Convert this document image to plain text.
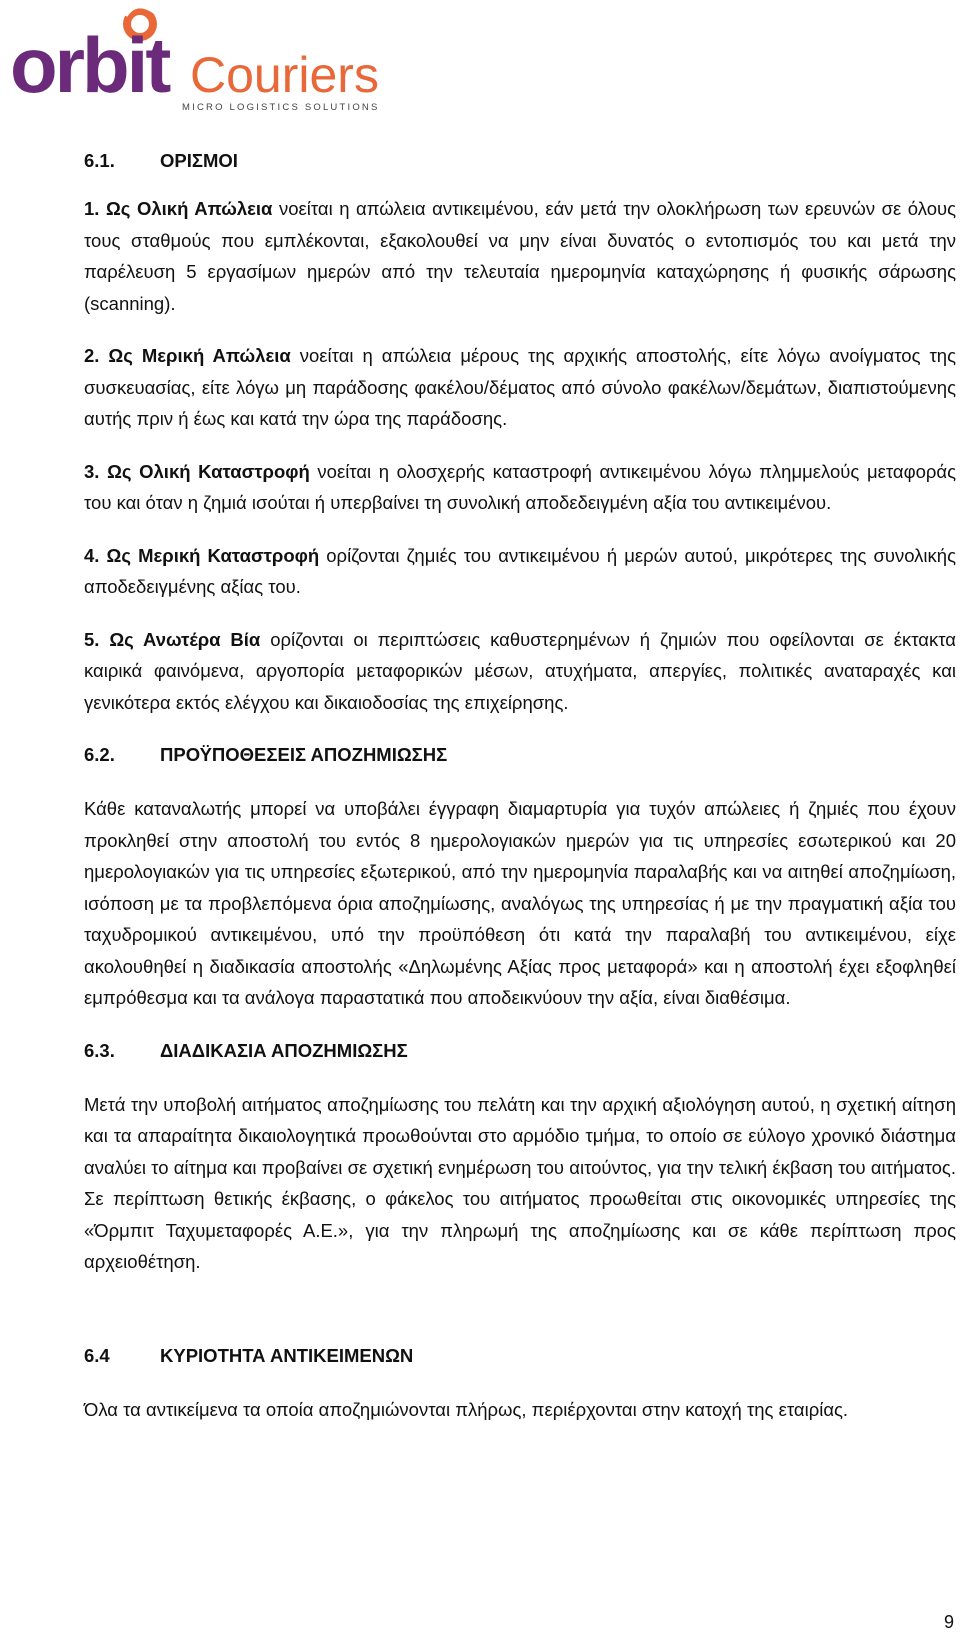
orbit Couriers
MICRO LOGISTICS SOLUTIONS
6.1.	ΟΡΙΣΜΟΙ

1. Ως Ολική Απώλεια νοείται η απώλεια αντικειμένου, εάν μετά την ολοκλήρωση των ερευνών σε όλους τους σταθμούς που εμπλέκονται, εξακολουθεί να μην είναι δυνατός ο εντοπισμός του και μετά την παρέλευση 5 εργασίμων ημερών από την τελευταία ημερομηνία καταχώρησης ή φυσικής σάρωσης (scanning).

2. Ως Μερική Απώλεια νοείται η απώλεια μέρους της αρχικής αποστολής, είτε λόγω ανοίγματος της συσκευασίας, είτε λόγω μη παράδοσης φακέλου/δέματος από σύνολο φακέλων/δεμάτων, διαπιστούμενης αυτής πριν ή έως και κατά την ώρα της παράδοσης.

3. Ως Ολική Καταστροφή νοείται η ολοσχερής καταστροφή αντικειμένου λόγω πλημμελούς μεταφοράς του και όταν η ζημιά ισούται ή υπερβαίνει τη συνολική αποδεδειγμένη αξία του αντικειμένου.

4. Ως Μερική Καταστροφή ορίζονται ζημιές του αντικειμένου ή μερών αυτού, μικρότερες της συνολικής αποδεδειγμένης αξίας του.

5. Ως Ανωτέρα Βία ορίζονται οι περιπτώσεις καθυστερημένων ή ζημιών που οφείλονται σε έκτακτα καιρικά φαινόμενα, αργοπορία μεταφορικών μέσων, ατυχήματα, απεργίες, πολιτικές αναταραχές και γενικότερα εκτός ελέγχου και δικαιοδοσίας της επιχείρησης.

6.2.	ΠΡΟΫΠΟΘΕΣΕΙΣ ΑΠΟΖΗΜΙΩΣΗΣ

Κάθε καταναλωτής μπορεί να υποβάλει έγγραφη διαμαρτυρία για τυχόν απώλειες ή ζημιές που έχουν προκληθεί στην αποστολή του εντός 8 ημερολογιακών ημερών για τις υπηρεσίες εσωτερικού και 20 ημερολογιακών για τις υπηρεσίες εξωτερικού, από την ημερομηνία παραλαβής και να αιτηθεί αποζημίωση, ισόποση με τα προβλεπόμενα όρια αποζημίωσης, αναλόγως της υπηρεσίας ή με την πραγματική αξία του ταχυδρομικού αντικειμένου, υπό την προϋπόθεση ότι κατά την παραλαβή του αντικειμένου, είχε ακολουθηθεί η διαδικασία αποστολής «Δηλωμένης Αξίας προς μεταφορά» και η αποστολή έχει εξοφληθεί εμπρόθεσμα και τα ανάλογα παραστατικά που αποδεικνύουν την αξία, είναι διαθέσιμα.

6.3.	ΔΙΑΔΙΚΑΣΙΑ ΑΠΟΖΗΜΙΩΣΗΣ

Μετά την υποβολή αιτήματος αποζημίωσης του πελάτη και την αρχική αξιολόγηση αυτού, η σχετική αίτηση και τα απαραίτητα δικαιολογητικά προωθούνται στο αρμόδιο τμήμα, το οποίο σε εύλογο χρονικό διάστημα αναλύει το αίτημα και προβαίνει σε σχετική ενημέρωση του αιτούντος, για την τελική έκβαση του αιτήματος. Σε περίπτωση θετικής έκβασης, ο φάκελος του αιτήματος προωθείται στις οικονομικές υπηρεσίες της «Όρμπιτ Ταχυμεταφορές Α.Ε.», για την πληρωμή της αποζημίωσης και σε κάθε περίπτωση προς αρχειοθέτηση.

6.4	ΚΥΡΙΟΤΗΤΑ ΑΝΤΙΚΕΙΜΕΝΩΝ

Όλα τα αντικείμενα τα οποία αποζημιώνονται πλήρως, περιέρχονται στην κατοχή της εταιρίας.

9
